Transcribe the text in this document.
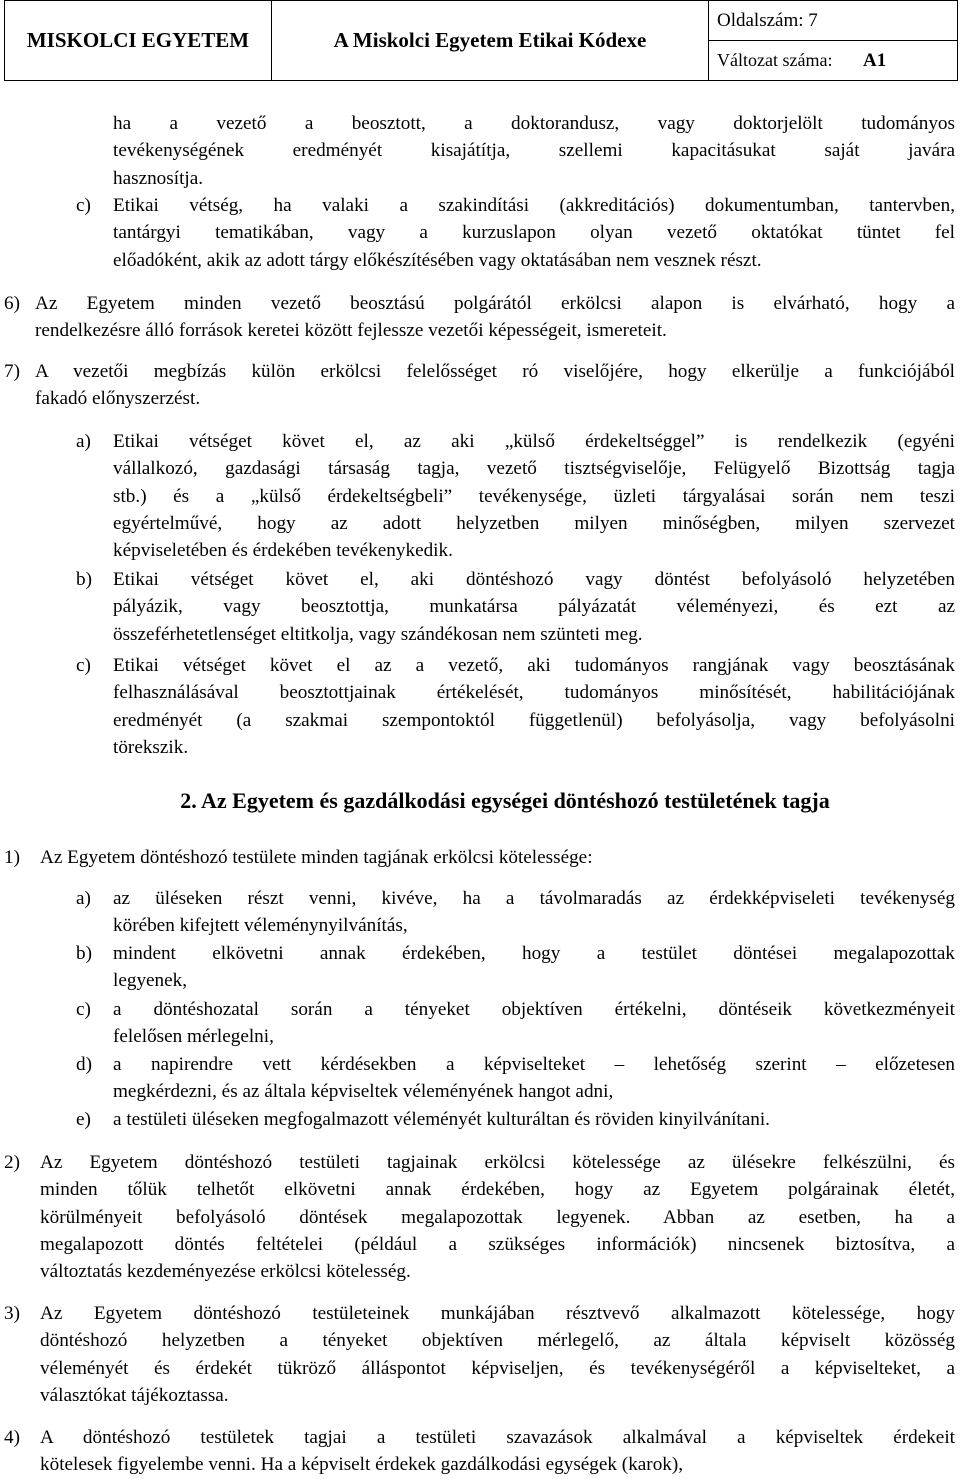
MISKOLCI EGYETEM	A Miskolci Egyetem Etikai Kódexe	Oldalszám: 7
Változat száma: A1
ha a vezető a beosztott, a doktorandusz, vagy doktorjelölt tudományos
tevékenységének eredményét kisajátítja, szellemi kapacitásukat saját javára
hasznosítja.
c) Etikai vétség, ha valaki a szakindítási (akkreditációs) dokumentumban, tantervben,
tantárgyi tematikában, vagy a kurzuslapon olyan vezető oktatókat tüntet fel
előadóként, akik az adott tárgy előkészítésében vagy oktatásában nem vesznek részt.
6) Az Egyetem minden vezető beosztású polgárától erkölcsi alapon is elvárható, hogy a
rendelkezésre álló források keretei között fejlessze vezetői képességeit, ismereteit.
7) A vezetői megbízás külön erkölcsi felelősséget ró viselőjére, hogy elkerülje a funkciójából
fakadó előnyszerzést.
a) Etikai vétséget követ el, az aki „külső érdekeltséggel” is rendelkezik (egyéni
vállalkozó, gazdasági társaság tagja, vezető tisztségviselője, Felügyelő Bizottság tagja
stb.) és a „külső érdekeltségbeli” tevékenysége, üzleti tárgyalásai során nem teszi
egyértelművé, hogy az adott helyzetben milyen minőségben, milyen szervezet
képviseletében és érdekében tevékenykedik.
b) Etikai vétséget követ el, aki döntéshozó vagy döntést befolyásoló helyzetében
pályázik, vagy beosztottja, munkatársa pályázatát véleményezi, és ezt az
összeférhetetlenséget eltitkolja, vagy szándékosan nem szünteti meg.
c) Etikai vétséget követ el az a vezető, aki tudományos rangjának vagy beosztásának
felhasználásával beosztottjainak értékelését, tudományos minősítését, habilitációjának
eredményét (a szakmai szempontoktól függetlenül) befolyásolja, vagy befolyásolni
törekszik.
2. Az Egyetem és gazdálkodási egységei döntéshozó testületének tagja
1) Az Egyetem döntéshozó testülete minden tagjának erkölcsi kötelessége:
a) az üléseken részt venni, kivéve, ha a távolmaradás az érdekképviseleti tevékenység
körében kifejtett véleménynyilvánítás,
b) mindent elkövetni annak érdekében, hogy a testület döntései megalapozottak
legyenek,
c) a döntéshozatal során a tényeket objektíven értékelni, döntéseik következményeit
felelősen mérlegelni,
d) a napirendre vett kérdésekben a képviselteket – lehetőség szerint – előzetesen
megkérdezni, és az általa képviseltek véleményének hangot adni,
e) a testületi üléseken megfogalmazott véleményét kulturáltan és röviden kinyilvánítani.
2) Az Egyetem döntéshozó testületi tagjainak erkölcsi kötelessége az ülésekre felkészülni, és
minden tőlük telhetőt elkövetni annak érdekében, hogy az Egyetem polgárainak életét,
körülményeit befolyásoló döntések megalapozottak legyenek. Abban az esetben, ha a
megalapozott döntés feltételei (például a szükséges információk) nincsenek biztosítva, a
változtatás kezdeményezése erkölcsi kötelesség.
3) Az Egyetem döntéshozó testületeinek munkájában résztvevő alkalmazott kötelessége, hogy
döntéshozó helyzetben a tényeket objektíven mérlegelő, az általa képviselt közösség
véleményét és érdekét tükröző álláspontot képviseljen, és tevékenységéről a képviselteket, a
választókat tájékoztassa.
4) A döntéshozó testületek tagjai a testületi szavazások alkalmával a képviseltek érdekeit
kötelesek figyelembe venni. Ha a képviselt érdekek gazdálkodási egységek (karok),
